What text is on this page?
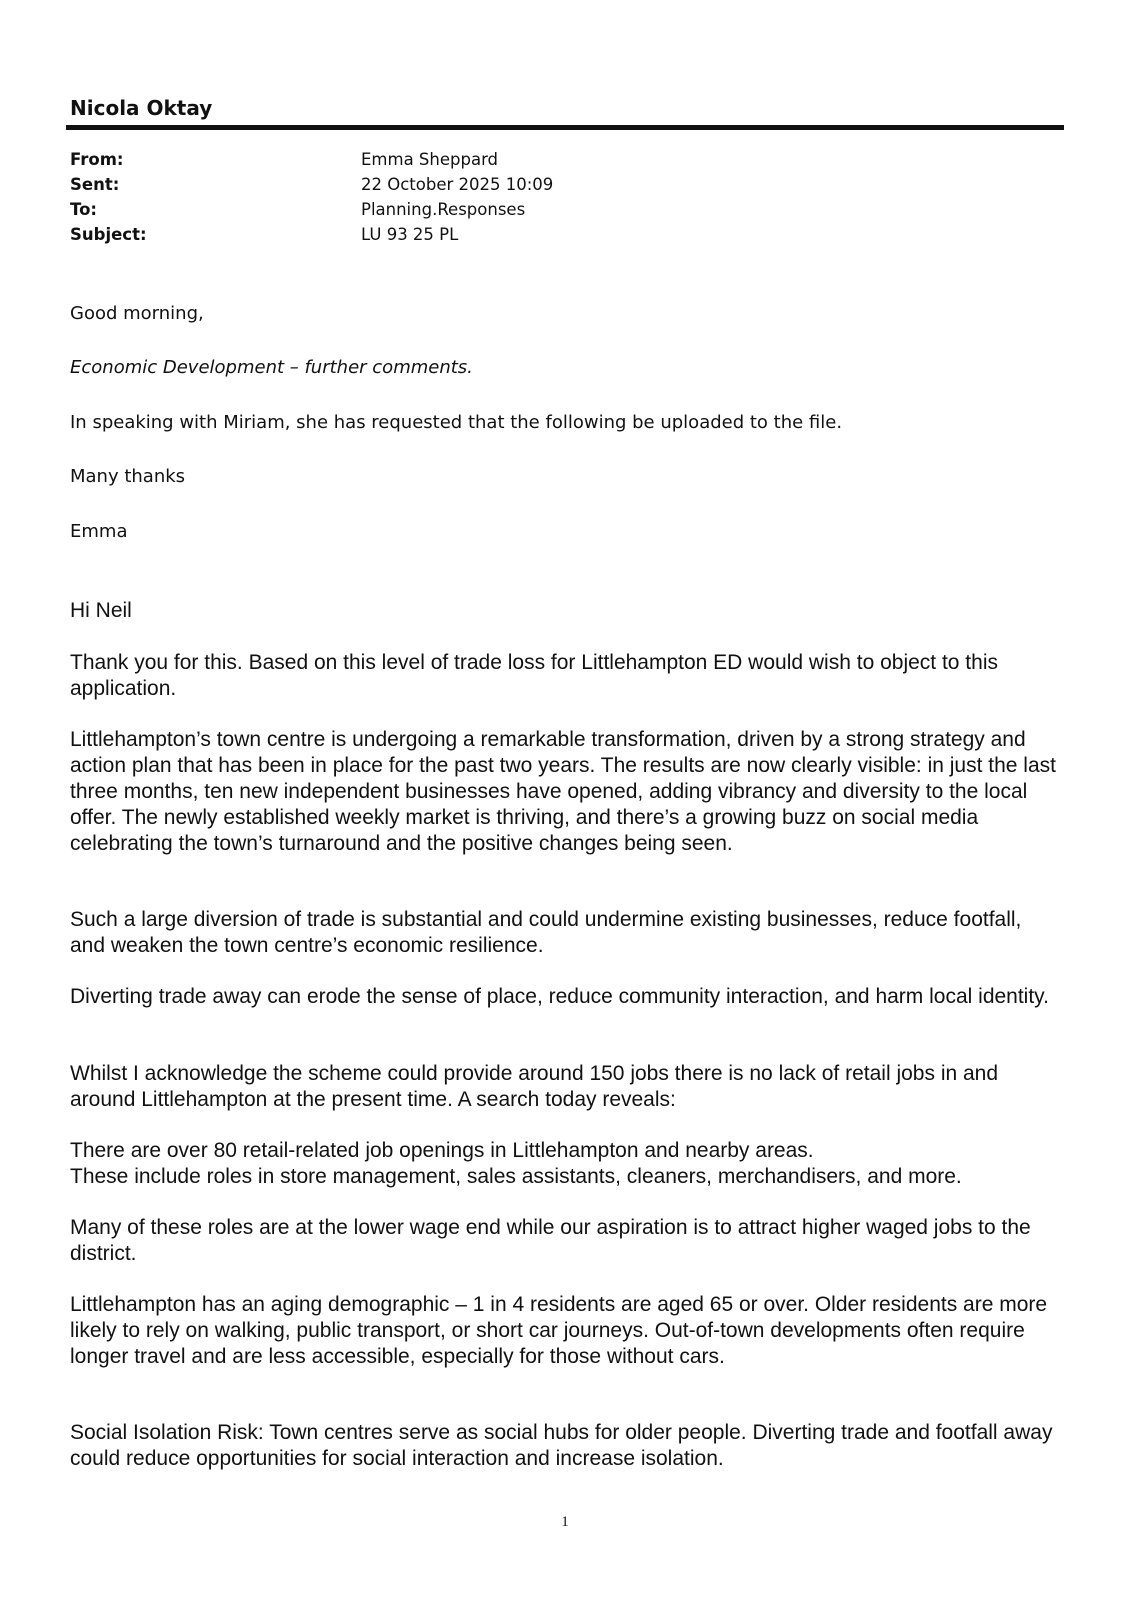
Nicola Oktay
From:	Emma Sheppard
Sent:	22 October 2025 10:09
To:	Planning.Responses
Subject:	LU 93 25 PL
Good morning,
Economic Development – further comments.
In speaking with Miriam, she has requested that the following be uploaded to the file.
Many thanks
Emma

Hi Neil

Thank you for this. Based on this level of trade loss for Littlehampton ED would wish to object to this application.

Littlehampton’s town centre is undergoing a remarkable transformation, driven by a strong strategy and action plan that has been in place for the past two years. The results are now clearly visible: in just the last three months, ten new independent businesses have opened, adding vibrancy and diversity to the local offer. The newly established weekly market is thriving, and there’s a growing buzz on social media celebrating the town’s turnaround and the positive changes being seen.

Such a large diversion of trade is substantial and could undermine existing businesses, reduce footfall, and weaken the town centre’s economic resilience.

Diverting trade away can erode the sense of place, reduce community interaction, and harm local identity.

Whilst I acknowledge the scheme could provide around 150 jobs there is no lack of retail jobs in and around Littlehampton at the present time. A search today reveals:

There are over 80 retail-related job openings in Littlehampton and nearby areas.

These include roles in store management, sales assistants, cleaners, merchandisers, and more.

Many of these roles are at the lower wage end while our aspiration is to attract higher waged jobs to the district.

Littlehampton has an aging demographic – 1 in 4 residents are aged 65 or over. Older residents are more likely to rely on walking, public transport, or short car journeys. Out-of-town developments often require longer travel and are less accessible, especially for those without cars.

Social Isolation Risk: Town centres serve as social hubs for older people. Diverting trade and footfall away could reduce opportunities for social interaction and increase isolation.

1
